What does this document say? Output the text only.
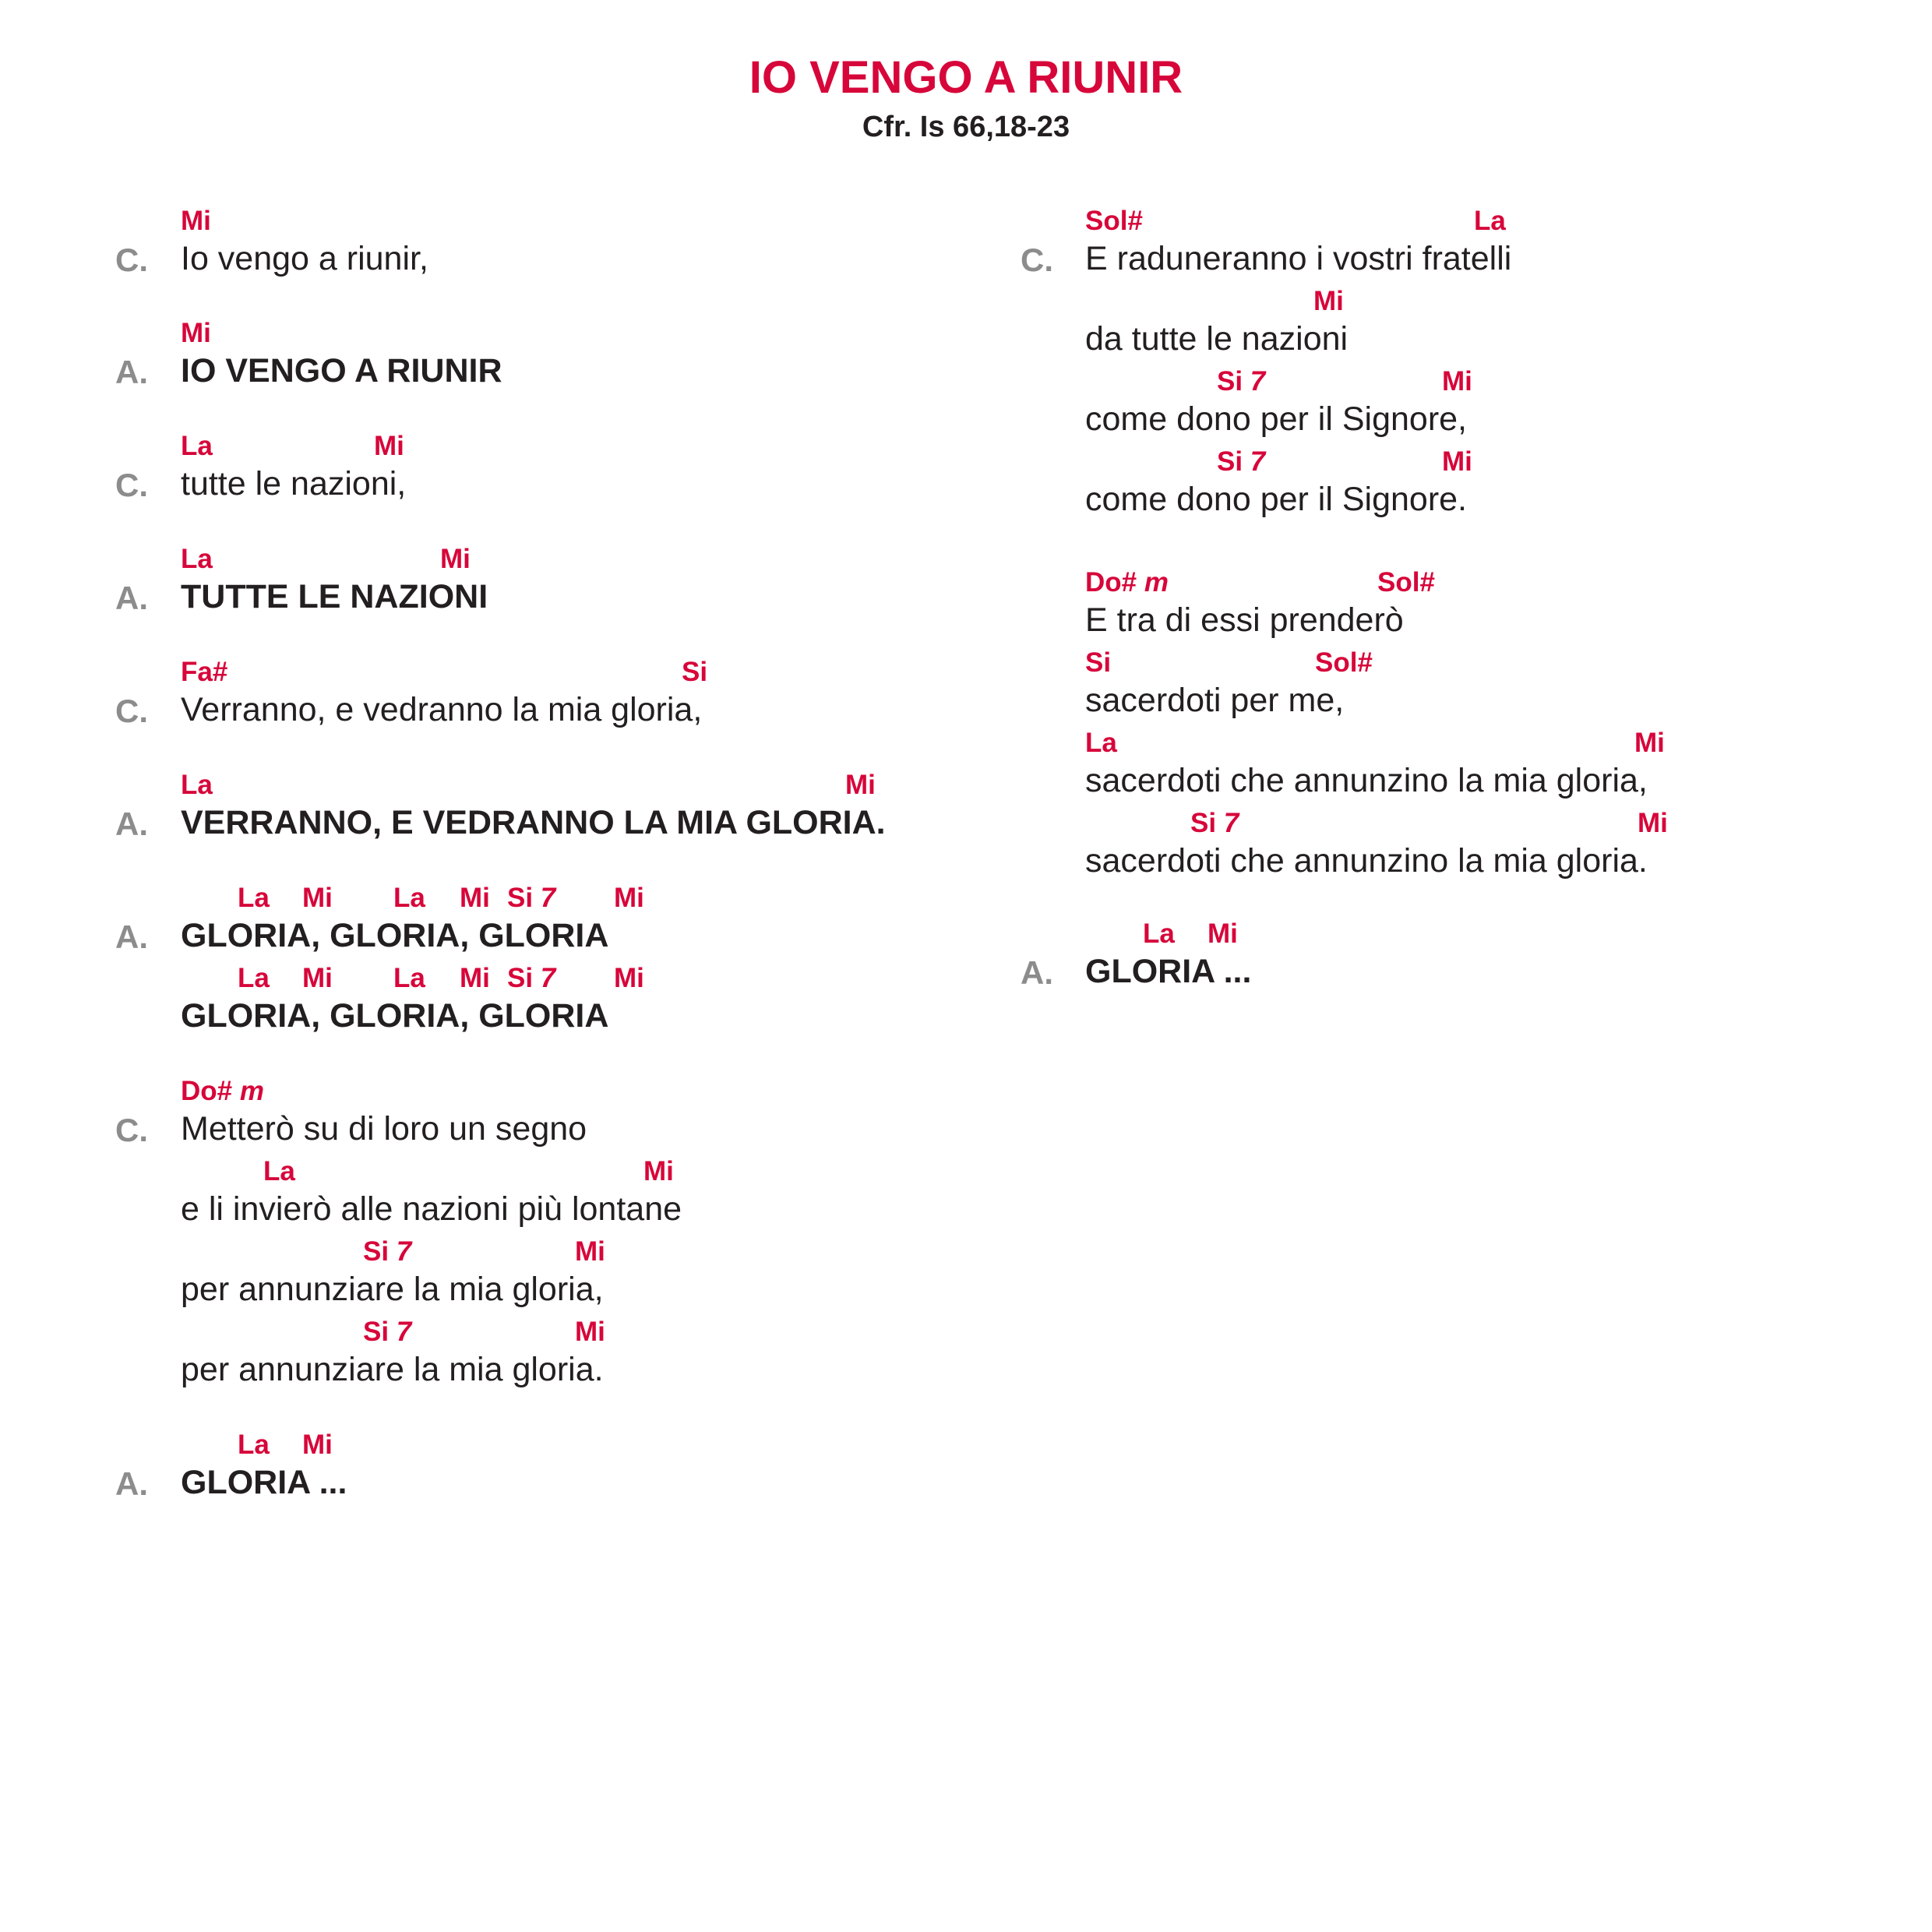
IO VENGO A RIUNIR
Cfr. Is 66,18-23
C. Io vengo a riunir,
Mi
A. IO VENGO A RIUNIR
Mi
C. tutte le nazioni,
La	Mi
A. TUTTE LE NAZIONI
La	Mi
C. Verranno, e vedranno la mia gloria,
Fa#	Si
A. VERRANNO, E VEDRANNO LA MIA GLORIA.
La	Mi
A. GLORIA, GLORIA, GLORIA
La Mi La Mi Si 7 Mi
GLORIA, GLORIA, GLORIA
La Mi La Mi Si 7 Mi
C. Metterò su di loro un segno
Do# m
e li invierò alle nazioni più lontane
La	Mi
per annunziare la mia gloria,
Si 7	Mi
per annunziare la mia gloria.
Si 7	Mi
A. GLORIA ...
La Mi
C. E raduneranno i vostri fratelli
Sol#	La
da tutte le nazioni
Mi
come dono per il Signore,
Si 7	Mi
come dono per il Signore.
Si 7	Mi
E tra di essi prenderò
Do# m	Sol#
sacerdoti per me,
Si	Sol#
sacerdoti che annunzino la mia gloria,
La	Mi
sacerdoti che annunzino la mia gloria.
Si 7	Mi
A. GLORIA ...
La Mi
